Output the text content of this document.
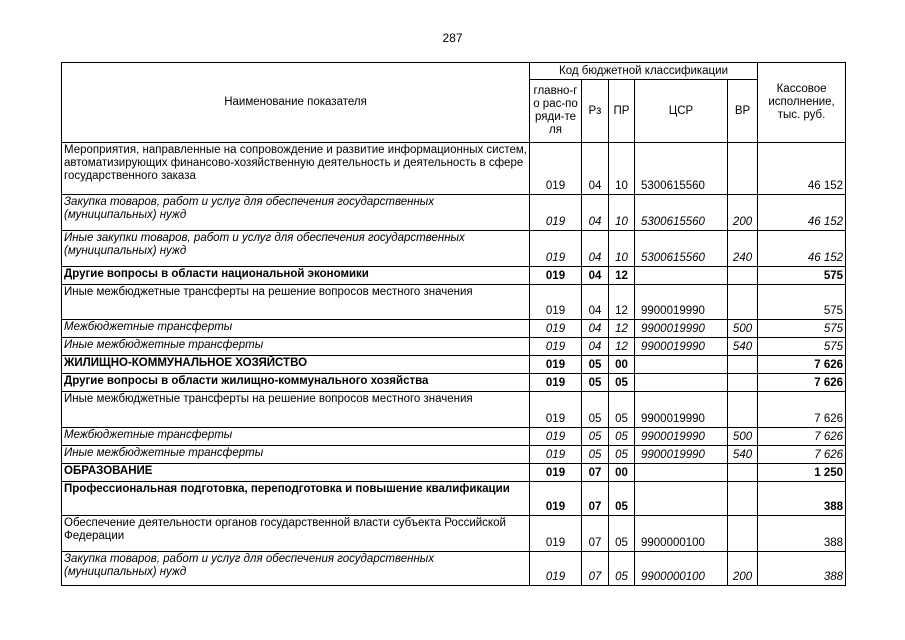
287
Наименование показателя	Код бюджетной классификации					Кассовое исполнение, тыс. руб.
	главно-го рас-поряди-теля	Рз	ПР	ЦСР	ВР	
Мероприятия, направленные на сопровождение и развитие информационных систем, автоматизирующих финансово-хозяйственную деятельность и деятельность в сфере государственного заказа	019	04	10	5300615560		46 152
Закупка товаров, работ и услуг для обеспечения государственных (муниципальных) нужд	019	04	10	5300615560	200	46 152
Иные закупки товаров, работ и услуг для обеспечения государственных (муниципальных) нужд	019	04	10	5300615560	240	46 152
Другие вопросы в области национальной экономики	019	04	12			575
Иные межбюджетные трансферты на решение вопросов местного значения	019	04	12	9900019990		575
Межбюджетные трансферты	019	04	12	9900019990	500	575
Иные межбюджетные трансферты	019	04	12	9900019990	540	575
ЖИЛИЩНО-КОММУНАЛЬНОЕ ХОЗЯЙСТВО	019	05	00			7 626
Другие вопросы в области жилищно-коммунального хозяйства	019	05	05			7 626
Иные межбюджетные трансферты на решение вопросов местного значения	019	05	05	9900019990		7 626
Межбюджетные трансферты	019	05	05	9900019990	500	7 626
Иные межбюджетные трансферты	019	05	05	9900019990	540	7 626
ОБРАЗОВАНИЕ	019	07	00			1 250
Профессиональная подготовка, переподготовка и повышение квалификации	019	07	05			388
Обеспечение деятельности органов государственной власти субъекта Российской Федерации	019	07	05	9900000100		388
Закупка товаров, работ и услуг для обеспечения государственных (муниципальных) нужд	019	07	05	9900000100	200	388
